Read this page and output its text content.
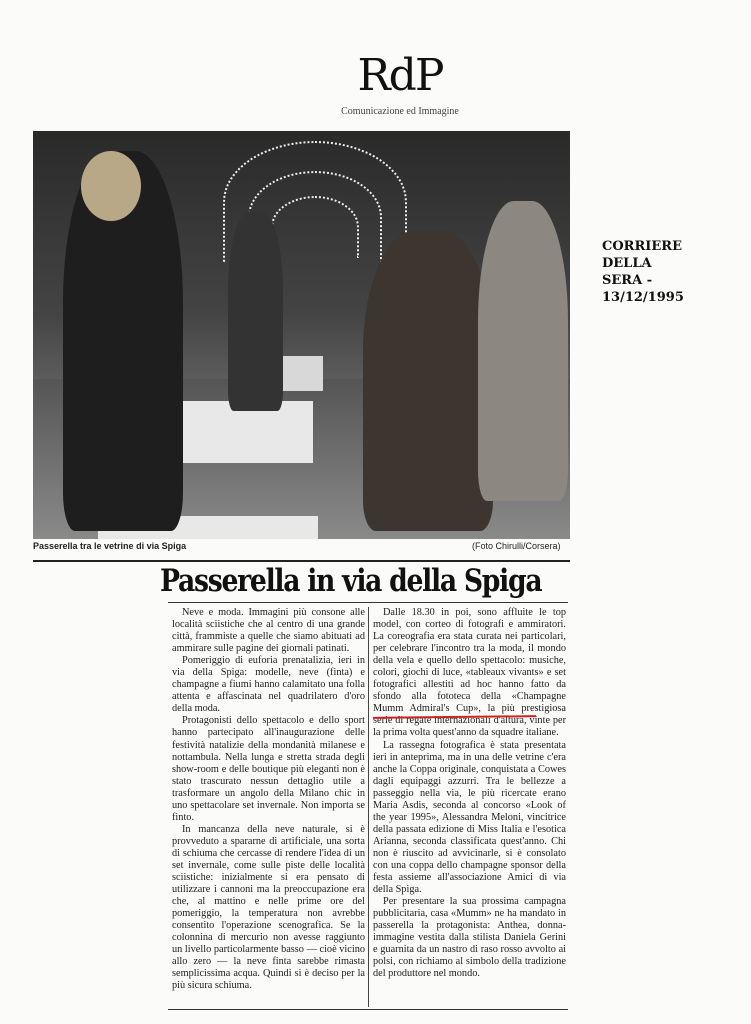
RdP
Comunicazione ed Immagine
CORRIERE
DELLA
SERA -
13/12/1995
Passerella tra le vetrine di via Spiga	(Foto Chirulli/Corsera)
Passerella in via della Spiga

Neve e moda. Immagini più consone alle località sciistiche che al centro di una grande città, frammiste a quelle che siamo abituati ad ammirare sulle pagine dei giornali patinati.

Pomeriggio di euforia prenatalizia, ieri in via della Spiga: modelle, neve (finta) e champagne a fiumi hanno calamitato una folla attenta e affascinata nel quadrilatero d'oro della moda.

Protagonisti dello spettacolo e dello sport hanno partecipato all'inaugurazione delle festività natalizie della mondanità milanese e nottambula. Nella lunga e stretta strada degli show-room e delle boutique più eleganti non è stato trascurato nessun dettaglio utile a trasformare un angolo della Milano chic in uno spettacolare set invernale. Non importa se finto.

In mancanza della neve naturale, si è provveduto a spararne di artificiale, una sorta di schiuma che cercasse di rendere l'idea di un set invernale, come sulle piste delle località sciistiche: inizialmente si era pensato di utilizzare i cannoni ma la preoccupazione era che, al mattino e nelle prime ore del pomeriggio, la temperatura non avrebbe consentito l'operazione scenografica. Se la colonnina di mercurio non avesse raggiunto un livello particolarmente basso — cioè vicino allo zero — la neve finta sarebbe rimasta semplicissima acqua. Quindi si è deciso per la più sicura schiuma.

Dalle 18.30 in poi, sono affluite le top model, con corteo di fotografi e ammiratori. La coreografia era stata curata nei particolari, per celebrare l'incontro tra la moda, il mondo della vela e quello dello spettacolo: musiche, colori, giochi di luce, «tableaux vivants» e set fotografici allestiti ad hoc hanno fatto da sfondo alla fototeca della «Champagne Mumm Admiral's Cup», la più prestigiosa serie di regate internazionali d'altura, vinte per la prima volta quest'anno da squadre italiane.

La rassegna fotografica è stata presentata ieri in anteprima, ma in una delle vetrine c'era anche la Coppa originale, conquistata a Cowes dagli equipaggi azzurri. Tra le bellezze a passeggio nella via, le più ricercate erano Maria Asdis, seconda al concorso «Look of the year 1995», Alessandra Meloni, vincitrice della passata edizione di Miss Italia e l'esotica Arianna, seconda classificata quest'anno. Chi non è riuscito ad avvicinarle, si è consolato con una coppa dello champagne sponsor della festa assieme all'associazione Amici di via della Spiga.

Per presentare la sua prossima campagna pubblicitaria, casa «Mumm» ne ha mandato in passerella la protagonista: Anthea, donna-immagine vestita dalla stilista Daniela Gerini e guarnita da un nastro di raso rosso avvolto ai polsi, con richiamo al simbolo della tradizione del produttore nel mondo.
